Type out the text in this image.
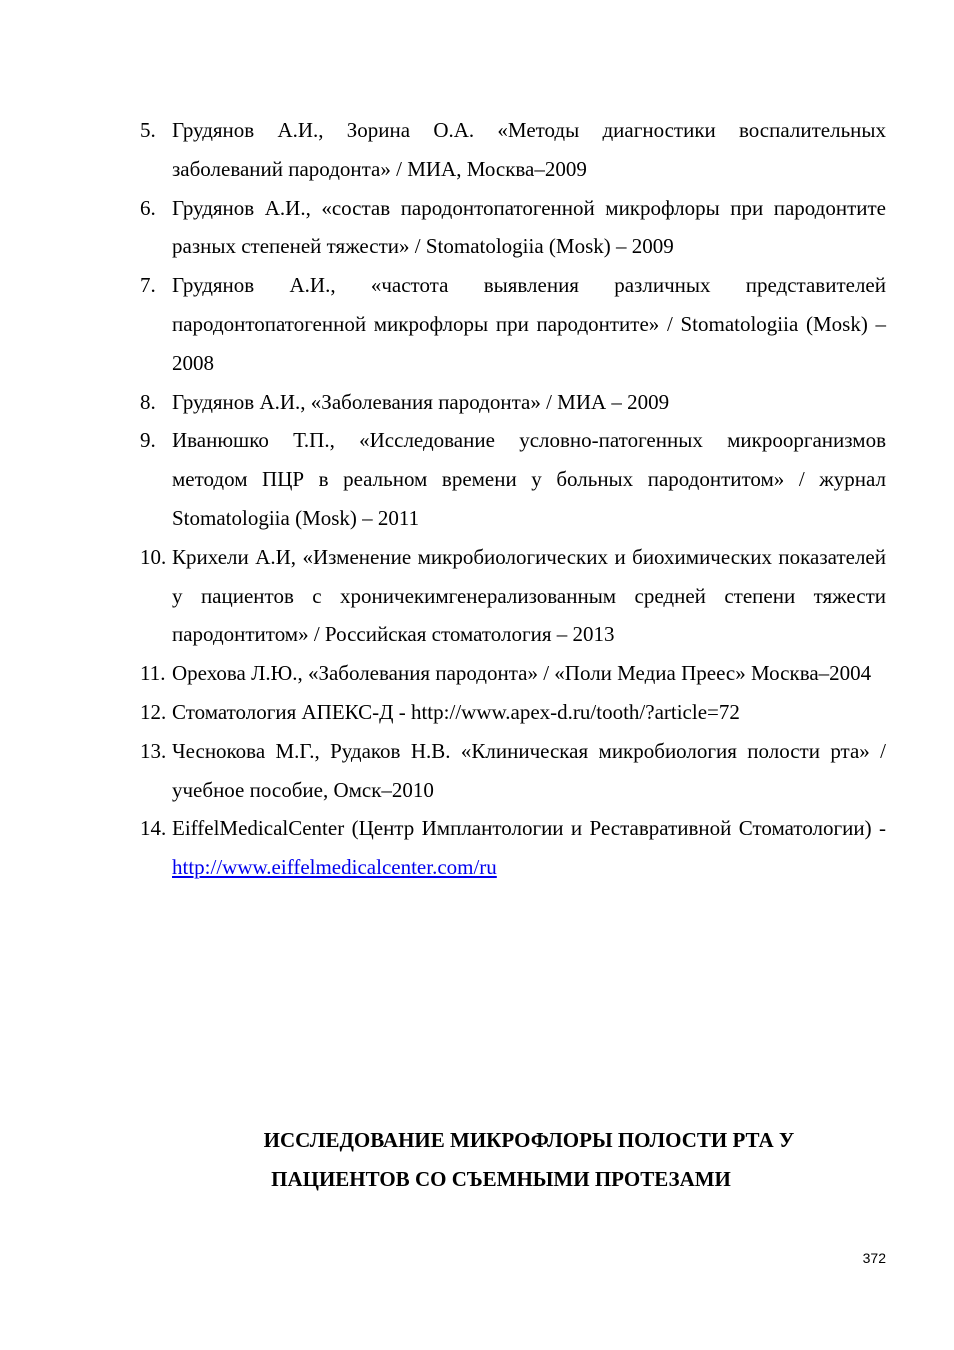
5. Грудянов А.И., Зорина О.А. «Методы диагностики воспалительных заболеваний пародонта» / МИА, Москва–2009
6. Грудянов А.И., «состав пародонтопатогенной микрофлоры при пародонтите разных степеней тяжести» / Stomatologiia (Mosk) – 2009
7. Грудянов А.И., «частота выявления различных представителей пародонтопатогенной микрофлоры при пародонтите» / Stomatologiia (Mosk) – 2008
8. Грудянов А.И., «Заболевания пародонта» / МИА – 2009
9. Иванюшко Т.П., «Исследование условно-патогенных микроорганизмов методом ПЦР в реальном времени у больных пародонтитом» / журнал Stomatologiia (Mosk) – 2011
10. Крихели А.И, «Изменение микробиологических и биохимических показателей у пациентов с хроничекимгенерализованным средней степени тяжести пародонтитом» / Российская стоматология – 2013
11. Орехова Л.Ю., «Заболевания пародонта» / «Поли Медиа Преес» Москва–2004
12. Стоматология АПЕКС-Д - http://www.apex-d.ru/tooth/?article=72
13. Чеснокова М.Г., Рудаков Н.В. «Клиническая микробиология полости рта» / учебное пособие, Омск–2010
14. EiffelMedicalCenter (Центр Имплантологии и Реставративной Стоматологии) - http://www.eiffelmedicalcenter.com/ru
ИССЛЕДОВАНИЕ МИКРОФЛОРЫ ПОЛОСТИ РТА У
ПАЦИЕНТОВ СО СЪЕМНЫМИ ПРОТЕЗАМИ
372
